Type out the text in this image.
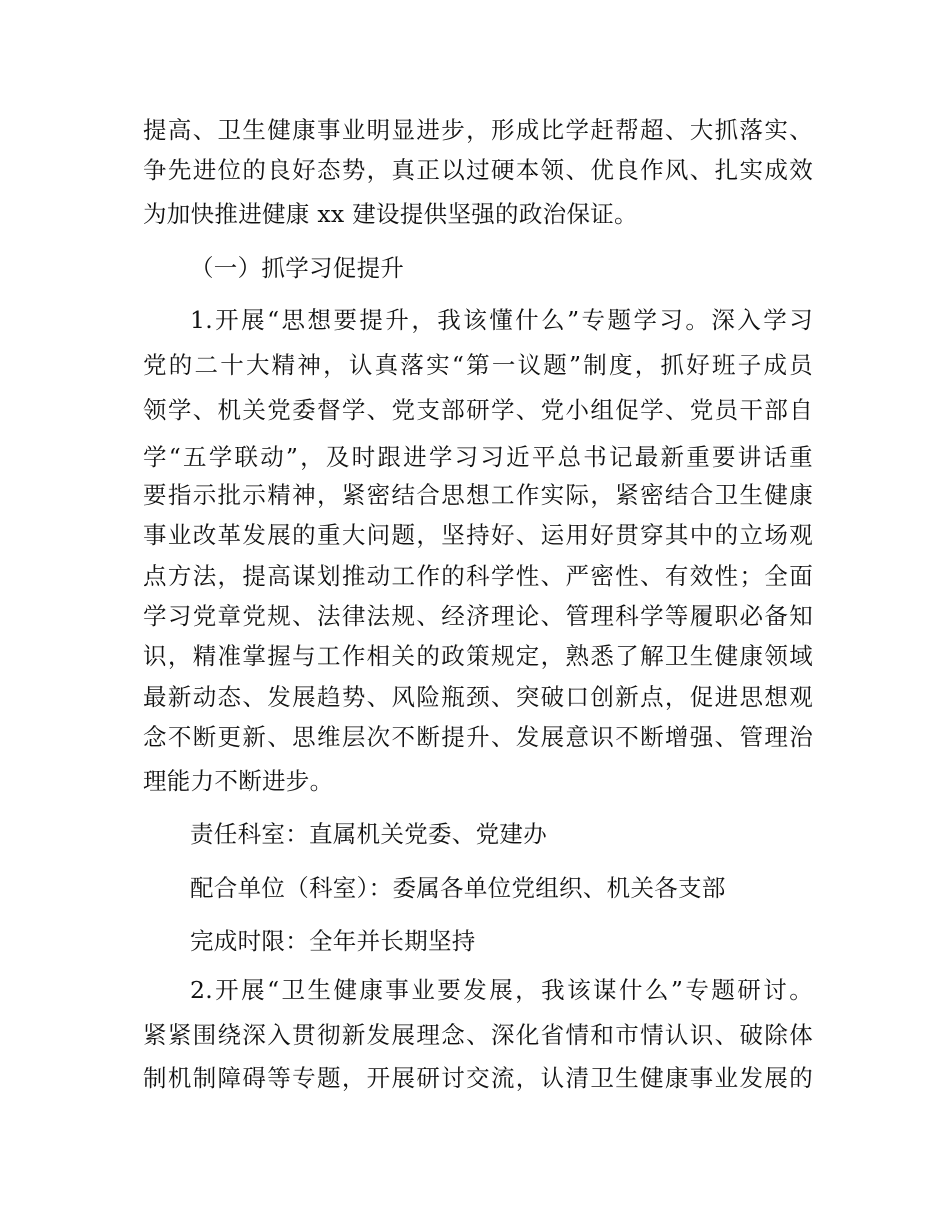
提高、卫生健康事业明显进步，形成比学赶帮超、大抓落实、
争先进位的良好态势，真正以过硬本领、优良作风、扎实成效
为加快推进健康 xx 建设提供坚强的政治保证。
（一）抓学习促提升
1.开展“思想要提升，我该懂什么”专题学习。深入学习
党的二十大精神，认真落实“第一议题”制度，抓好班子成员
领学、机关党委督学、党支部研学、党小组促学、党员干部自
学“五学联动”，及时跟进学习习近平总书记最新重要讲话重
要指示批示精神，紧密结合思想工作实际，紧密结合卫生健康
事业改革发展的重大问题，坚持好、运用好贯穿其中的立场观
点方法，提高谋划推动工作的科学性、严密性、有效性；全面
学习党章党规、法律法规、经济理论、管理科学等履职必备知
识，精准掌握与工作相关的政策规定，熟悉了解卫生健康领域
最新动态、发展趋势、风险瓶颈、突破口创新点，促进思想观
念不断更新、思维层次不断提升、发展意识不断增强、管理治
理能力不断进步。
责任科室：直属机关党委、党建办
配合单位（科室）：委属各单位党组织、机关各支部
完成时限：全年并长期坚持
2.开展“卫生健康事业要发展，我该谋什么”专题研讨。
紧紧围绕深入贯彻新发展理念、深化省情和市情认识、破除体
制机制障碍等专题，开展研讨交流，认清卫生健康事业发展的
